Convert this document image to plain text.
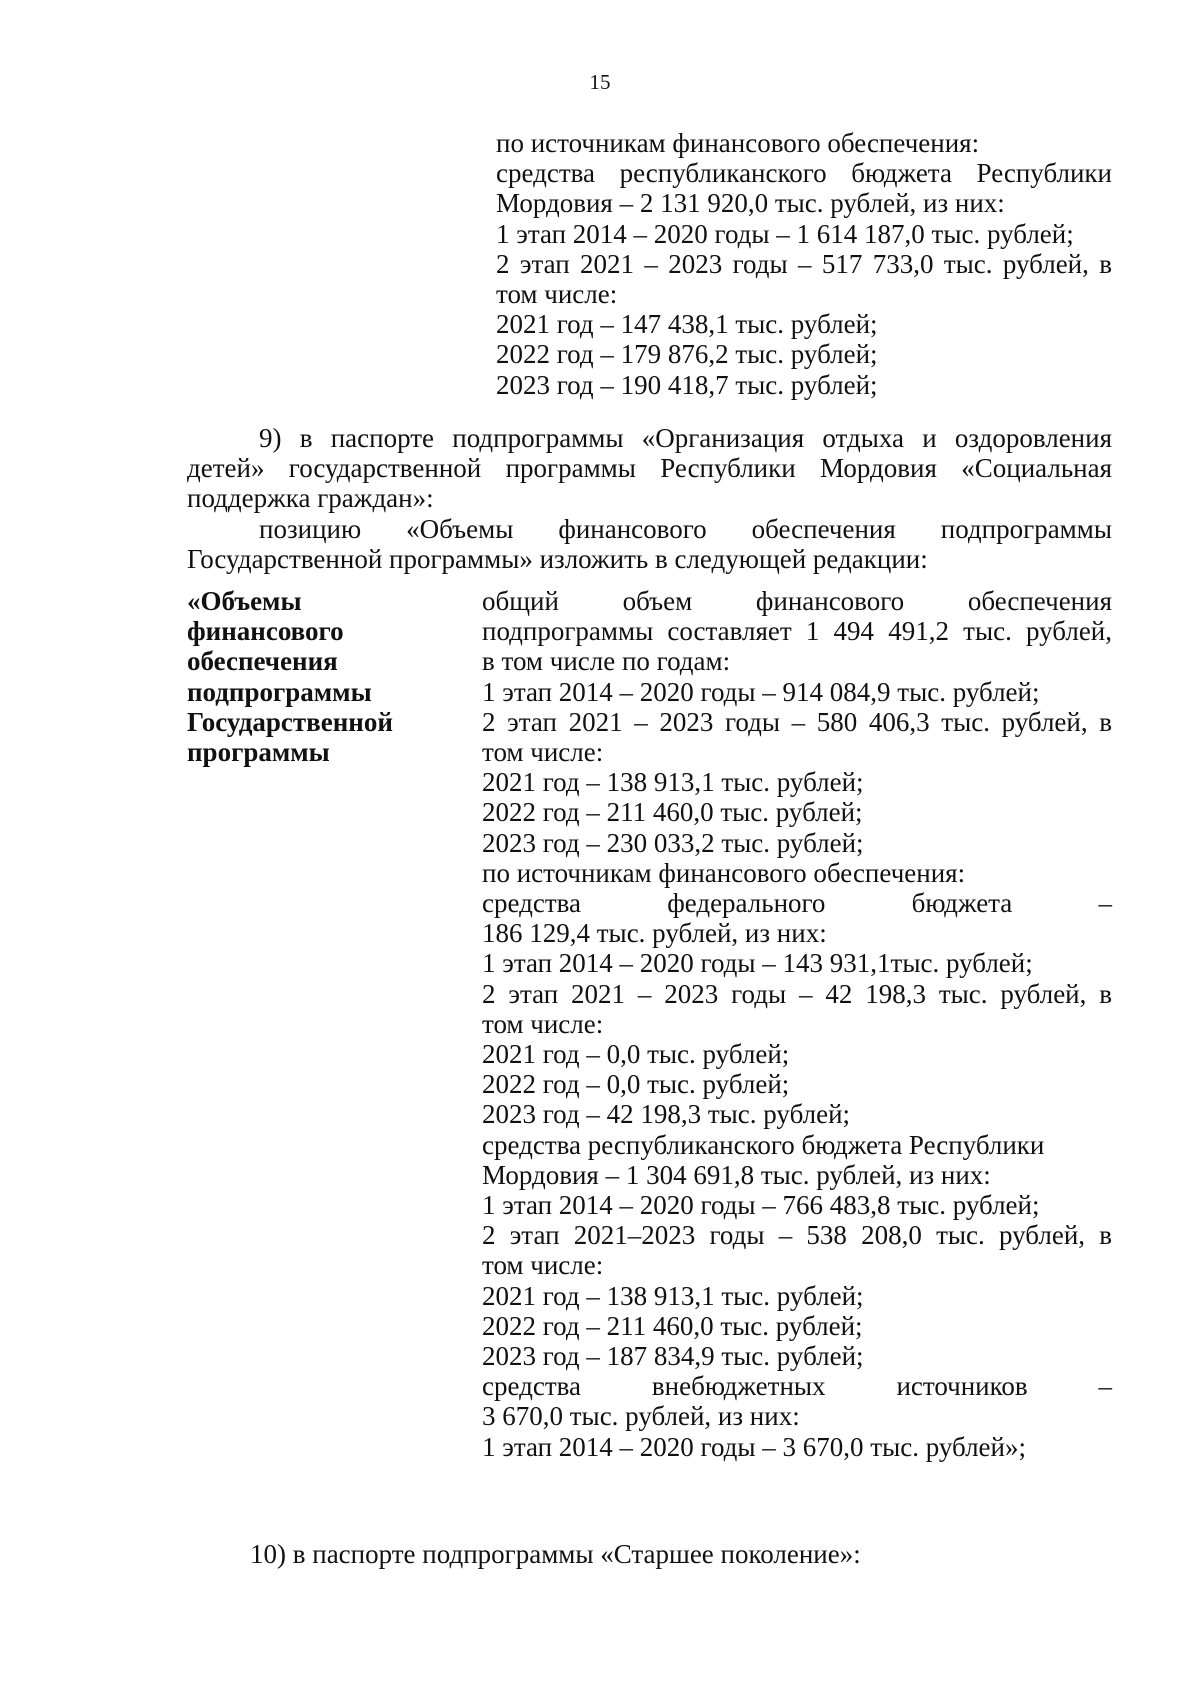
15
по источникам финансового обеспечения:
средства республиканского бюджета Республики
Мордовия – 2 131 920,0 тыс. рублей, из них:
1 этап 2014 – 2020 годы – 1 614 187,0 тыс. рублей;
2 этап 2021 – 2023 годы – 517 733,0 тыс. рублей, в
том числе:
2021 год – 147 438,1 тыс. рублей;
2022 год – 179 876,2 тыс. рублей;
2023 год – 190 418,7 тыс. рублей;
9) в паспорте подпрограммы «Организация отдыха и оздоровления
детей» государственной программы Республики Мордовия «Социальная
поддержка граждан»:
позицию «Объемы финансового обеспечения подпрограммы
Государственной программы» изложить в следующей редакции:
«Объемы
финансового
обеспечения
подпрограммы
Государственной
программы
общий объем финансового обеспечения
подпрограммы составляет 1 494 491,2 тыс. рублей,
в том числе по годам:
1 этап 2014 – 2020 годы – 914 084,9 тыс. рублей;
2 этап 2021 – 2023 годы – 580 406,3 тыс. рублей, в
том числе:
2021 год – 138 913,1 тыс. рублей;
2022 год – 211 460,0 тыс. рублей;
2023 год – 230 033,2 тыс. рублей;
по источникам финансового обеспечения:
средства федерального бюджета –
186 129,4 тыс. рублей, из них:
1 этап 2014 – 2020 годы – 143 931,1тыс. рублей;
2 этап 2021 – 2023 годы – 42 198,3 тыс. рублей, в
том числе:
2021 год – 0,0 тыс. рублей;
2022 год – 0,0 тыс. рублей;
2023 год – 42 198,3 тыс. рублей;
средства республиканского бюджета Республики
Мордовия – 1 304 691,8 тыс. рублей, из них:
1 этап 2014 – 2020 годы – 766 483,8 тыс. рублей;
2 этап 2021–2023 годы – 538 208,0 тыс. рублей, в
том числе:
2021 год – 138 913,1 тыс. рублей;
2022 год – 211 460,0 тыс. рублей;
2023 год – 187 834,9 тыс. рублей;
средства внебюджетных источников –
3 670,0 тыс. рублей, из них:
1 этап 2014 – 2020 годы – 3 670,0 тыс. рублей»;
10) в паспорте подпрограммы «Старшее поколение»:
